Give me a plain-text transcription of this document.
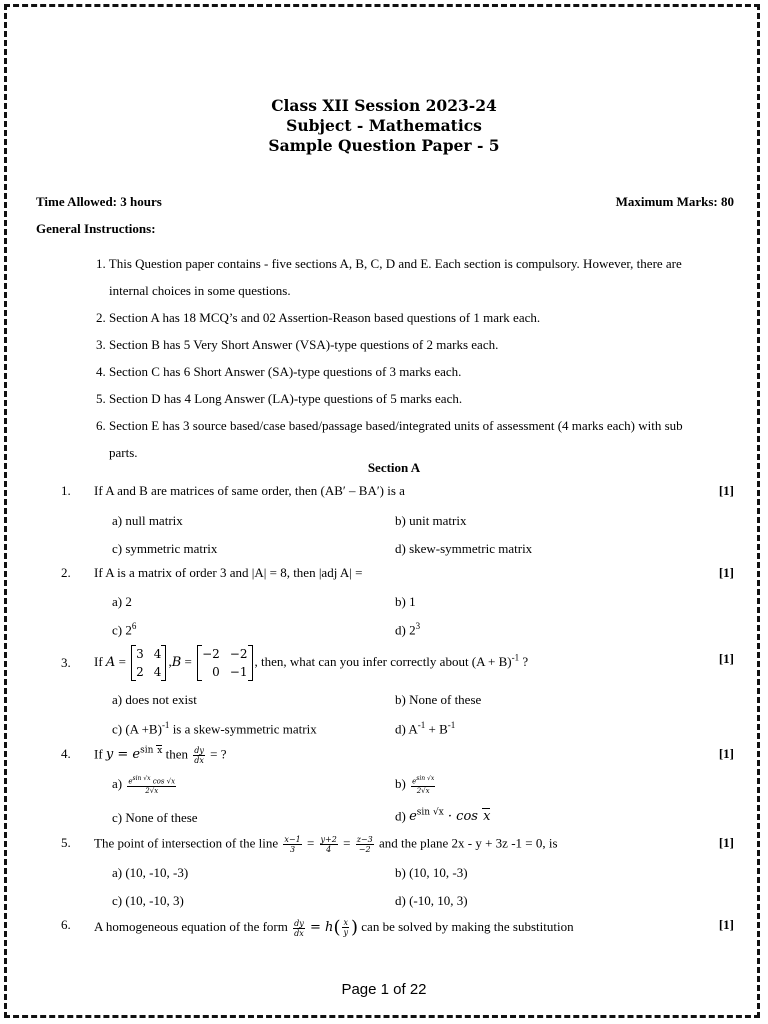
Class XII Session 2023-24
Subject - Mathematics
Sample Question Paper - 5
Time Allowed: 3 hours	Maximum Marks: 80
General Instructions:
1. This Question paper contains - five sections A, B, C, D and E. Each section is compulsory. However, there are
internal choices in some questions.
2. Section A has 18 MCQ’s and 02 Assertion-Reason based questions of 1 mark each.
3. Section B has 5 Very Short Answer (VSA)-type questions of 2 marks each.
4. Section C has 6 Short Answer (SA)-type questions of 3 marks each.
5. Section D has 4 Long Answer (LA)-type questions of 5 marks each.
6. Section E has 3 source based/case based/passage based/integrated units of assessment (4 marks each) with sub
parts.
Section A
1. If A and B are matrices of same order, then (AB′ – BA′) is a	[1]
a) null matrix	b) unit matrix
c) symmetric matrix	d) skew-symmetric matrix
2. If A is a matrix of order 3 and |A| = 8, then |adj A| =	[1]
a) 2	b) 1
c) $2^6$	d) $2^3$
3. If A = 3	4
2	4
,B = −2	−2
0	−1
, then, what can you infer correctly about $(A + B)^{-1}$ ?	[1]
a) does not exist	b) None of these
c) $(A +B)^{-1}$ is a skew-symmetric matrix	d) $A^{-1} + B^{-1}$
4. If $y = e^{sin x}$ then $\frac{dy}{dx}$ = ?	[1]
$a) \frac{e^{sin √x} \cos √x}{2√x}$	$b) \frac{e^{sin √x}}{2√x}$
c) None of these	d) $e^{sin √x} \cdot \cos x$
5. The point of intersection of the line $\frac{x-1}{3} = \frac{y+2}{4} = \frac{z-3}{-2}$ and the plane 2x - y + 3z -1 = 0, is	[1]
a) (10, -10, -3)	b) (10, 10, -3)
c) (10, -10, 3)	d) (-10, 10, 3)
6. A homogeneous equation of the form $\frac{dy}{dx} = h( \frac{x}{y}$ ) can be solved by making the substitution	[1]
Page 1 of 22
